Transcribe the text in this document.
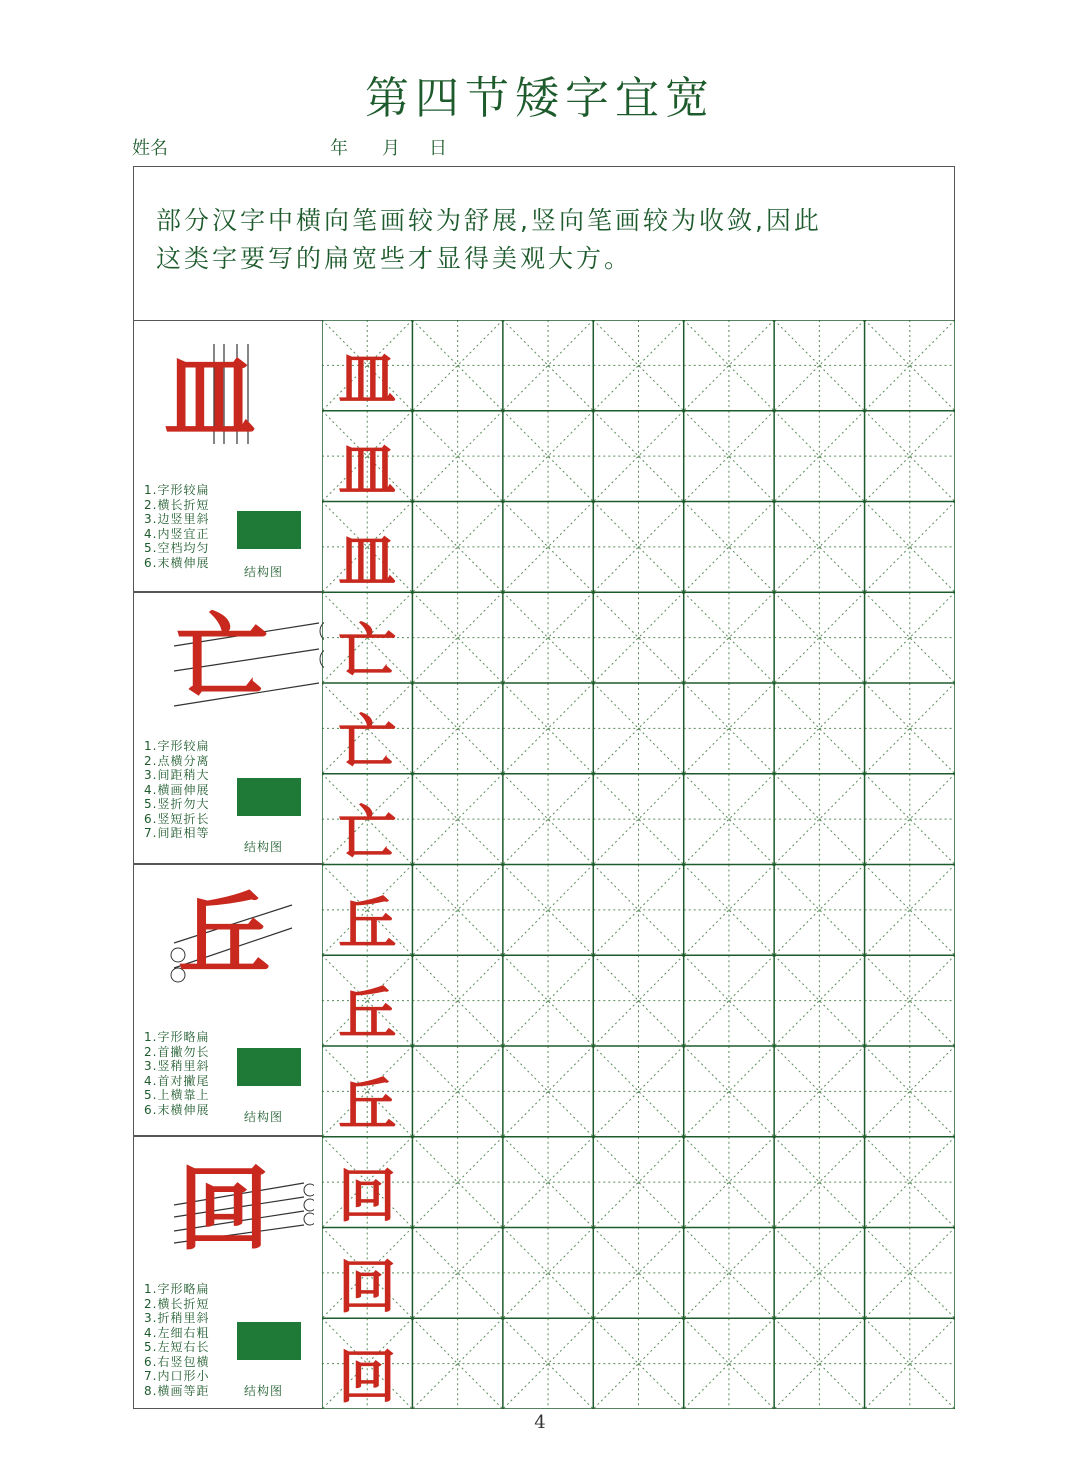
第四节矮字宜宽
姓名	年 月 日
部分汉字中横向笔画较为舒展,竖向笔画较为收敛,因此
这类字要写的扁宽些才显得美观大方。
皿
1.字形较扁
2.横长折短
3.边竖里斜
4.内竖宜正
5.空档均匀
6.末横伸展
结构图
亡
1.字形较扁
2.点横分离
3.间距稍大
4.横画伸展
5.竖折勿大
6.竖短折长
7.间距相等
结构图
丘
1.字形略扁
2.首撇勿长
3.竖稍里斜
4.首对撇尾
5.上横靠上
6.末横伸展
结构图
回
1.字形略扁
2.横长折短
3.折稍里斜
4.左细右粗
5.左短右长
6.右竖包横
7.内口形小
8.横画等距	结构图
皿
皿
皿
亡
亡
亡
丘
丘
丘
回
回
回
4
